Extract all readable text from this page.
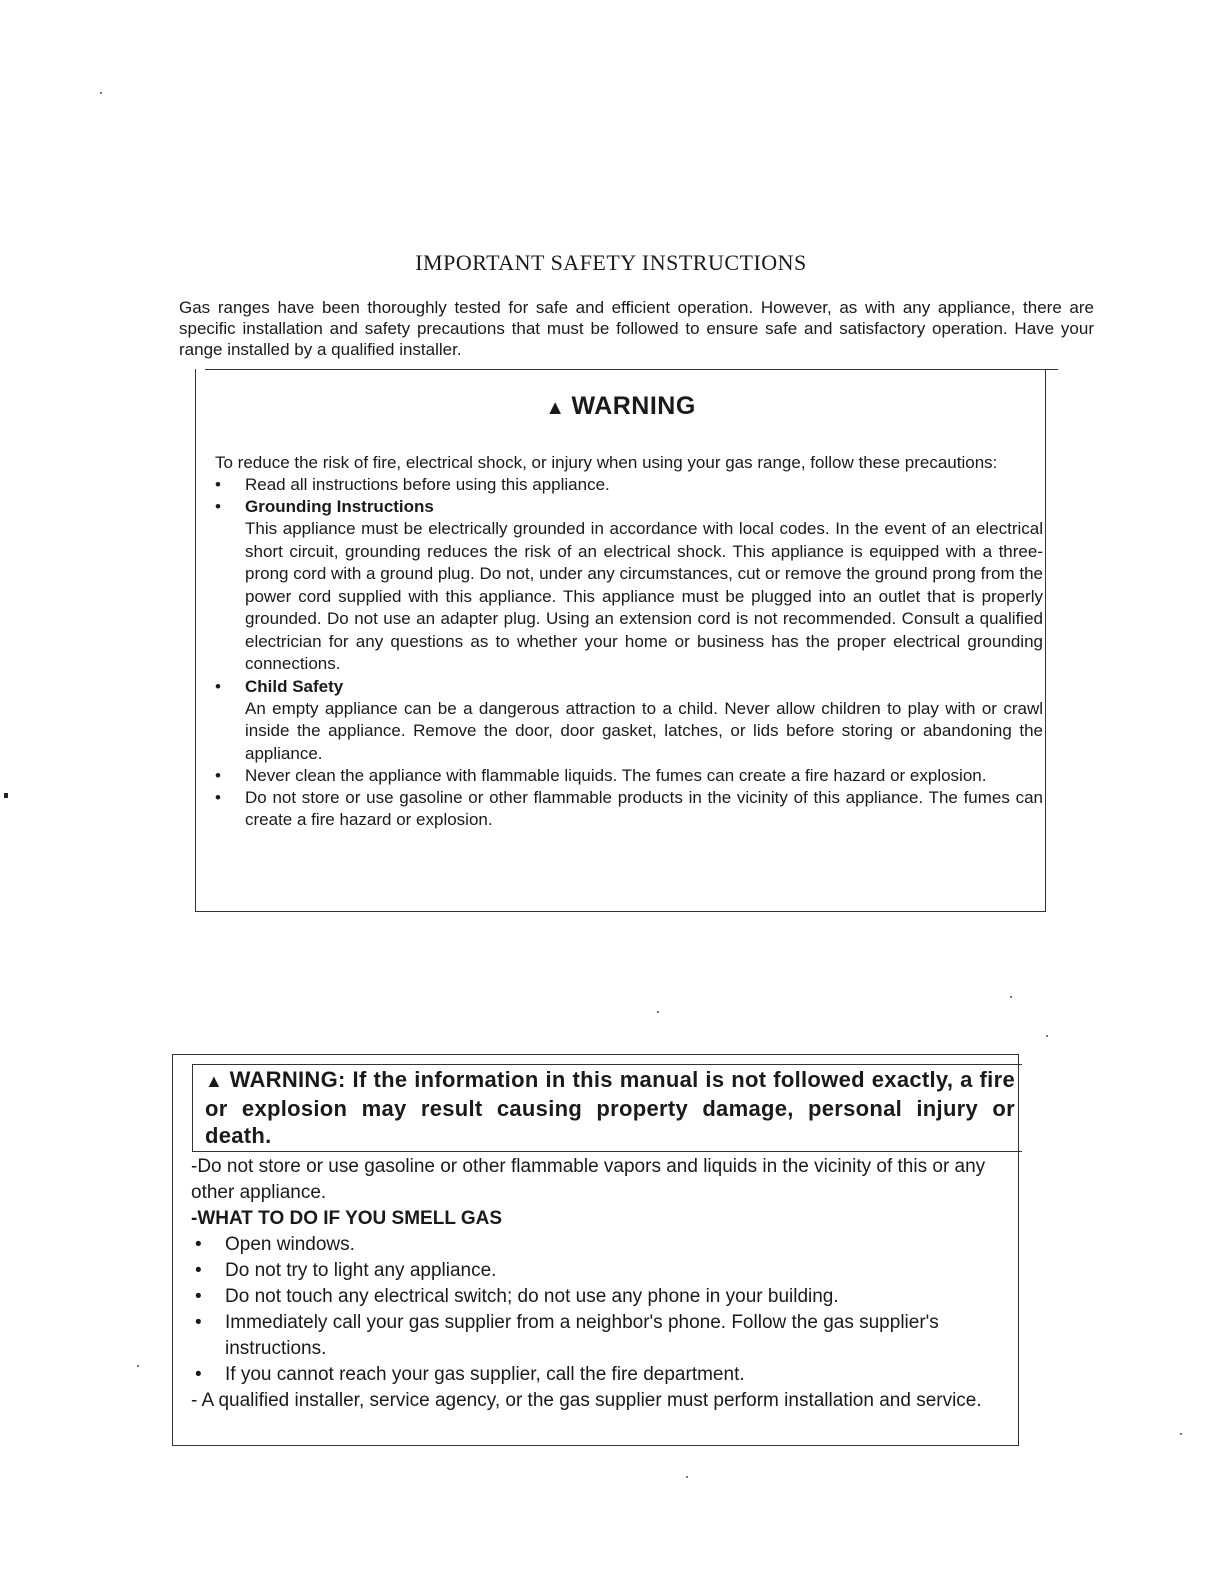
IMPORTANT SAFETY INSTRUCTIONS
Gas ranges have been thoroughly tested for safe and efficient operation. However, as with any appliance, there are specific installation and safety precautions that must be followed to ensure safe and satisfactory operation. Have your range installed by a qualified installer.
▲ WARNING

To reduce the risk of fire, electrical shock, or injury when using your gas range, follow these precautions:

• Read all instructions before using this appliance.
• Grounding Instructions
This appliance must be electrically grounded in accordance with local codes. In the event of an electrical short circuit, grounding reduces the risk of an electrical shock. This appliance is equipped with a three-prong cord with a ground plug. Do not, under any circumstances, cut or remove the ground prong from the power cord supplied with this appliance. This appliance must be plugged into an outlet that is properly grounded. Do not use an adapter plug. Using an extension cord is not recommended. Consult a qualified electrician for any questions as to whether your home or business has the proper electrical grounding connections.
• Child Safety
An empty appliance can be a dangerous attraction to a child. Never allow children to play with or crawl inside the appliance. Remove the door, door gasket, latches, or lids before storing or abandoning the appliance.
• Never clean the appliance with flammable liquids. The fumes can create a fire hazard or explosion.
• Do not store or use gasoline or other flammable products in the vicinity of this appliance. The fumes can create a fire hazard or explosion.
▲ WARNING: If the information in this manual is not followed exactly, a fire or explosion may result causing property damage, personal injury or death.

-Do not store or use gasoline or other flammable vapors and liquids in the vicinity of this or any other appliance.

-WHAT TO DO IF YOU SMELL GAS

• Open windows.
• Do not try to light any appliance.
• Do not touch any electrical switch; do not use any phone in your building.
• Immediately call your gas supplier from a neighbor's phone. Follow the gas supplier's instructions.
• If you cannot reach your gas supplier, call the fire department.

- A qualified installer, service agency, or the gas supplier must perform installation and service.
